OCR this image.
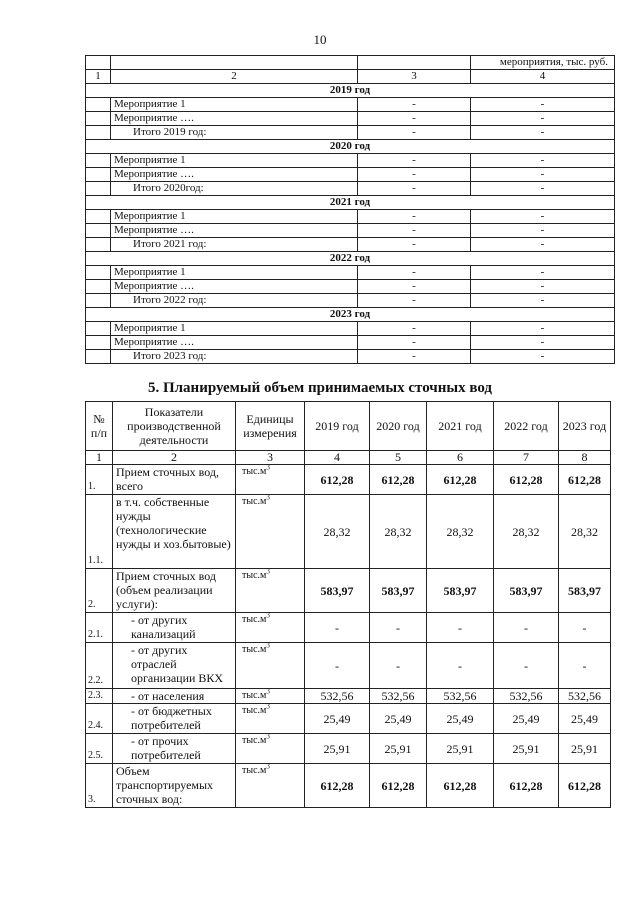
10
			мероприятия, тыс. руб.
1	2	3	4
2019 год			
	Мероприятие 1	-	-
	Мероприятие ….	-	-
	Итого 2019 год:	-	-
2020 год			
	Мероприятие 1	-	-
	Мероприятие ….	-	-
	Итого 2020год:	-	-
2021 год			
	Мероприятие 1	-	-
	Мероприятие ….	-	-
	Итого 2021 год:	-	-
2022 год			
	Мероприятие 1	-	-
	Мероприятие ….	-	-
	Итого 2022 год:	-	-
2023 год			
	Мероприятие 1	-	-
	Мероприятие ….	-	-
	Итого 2023 год:	-	-
5. Планируемый объем принимаемых сточных вод
№ п/п	Показатели производственной деятельности	Единицы измерения	2019 год	2020 год	2021 год	2022 год	2023 год
1	2	3	4	5	6	7	8
1.	Прием сточных вод, всего	$тыс.м^3$	612,28	612,28	612,28	612,28	612,28
1.1.	в т.ч. собственные нужды (технологические нужды и хоз.бытовые)	$тыс.м^3$	28,32	28,32	28,32	28,32	28,32
2.	Прием сточных вод (объем реализации услуги):	$тыс.м^3$	583,97	583,97	583,97	583,97	583,97
2.1.	- от других канализаций	$тыс.м^3$	-	-	-	-	-
2.2.	- от других отраслей организации ВКХ	$тыс.м^3$	-	-	-	-	-
2.3.	- от населения	$тыс.м^3$	532,56	532,56	532,56	532,56	532,56
2.4.	- от бюджетных потребителей	$тыс.м^3$	25,49	25,49	25,49	25,49	25,49
2.5.	- от прочих потребителей	$тыс.м^3$	25,91	25,91	25,91	25,91	25,91
3.	Объем транспортируемых сточных вод:	$тыс.м^3$	612,28	612,28	612,28	612,28	612,28
